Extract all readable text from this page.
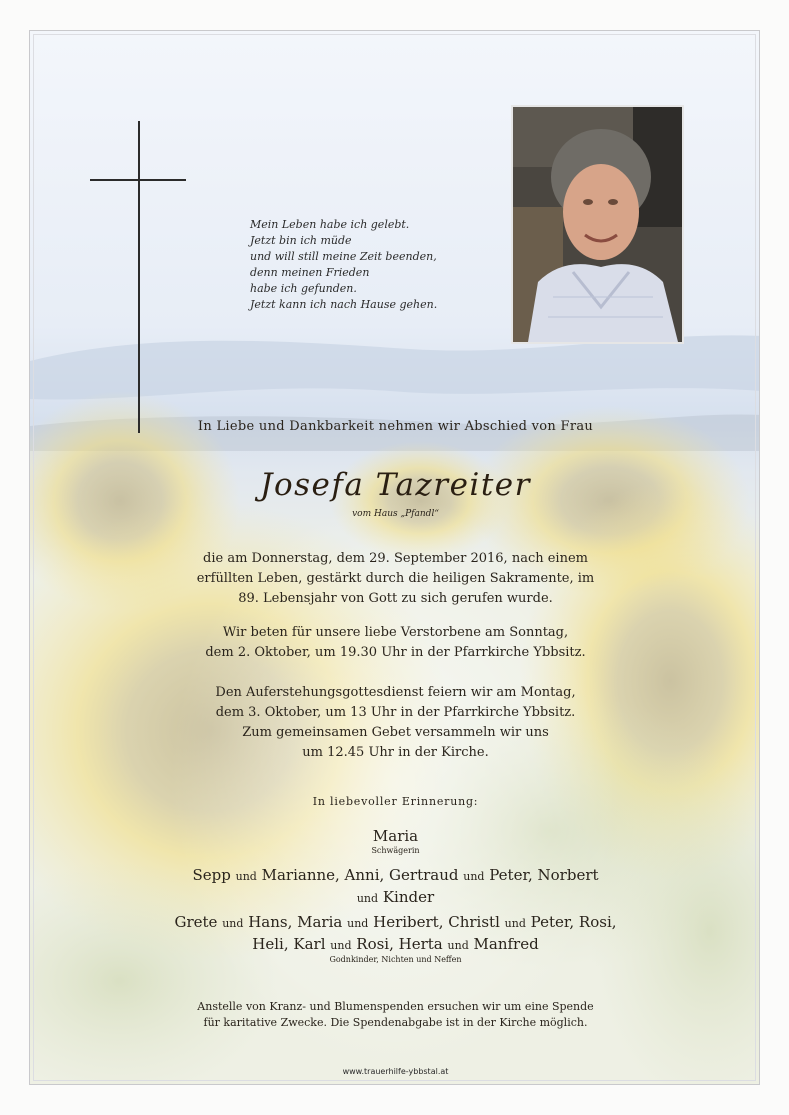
Mein Leben habe ich gelebt.
Jetzt bin ich müde
und will still meine Zeit beenden,
denn meinen Frieden
habe ich gefunden.
Jetzt kann ich nach Hause gehen.

In Liebe und Dankbarkeit nehmen wir Abschied von Frau

Josefa Tazreiter

vom Haus „Pfandl“

die am Donnerstag, dem 29. September 2016, nach einem
erfüllten Leben, gestärkt durch die heiligen Sakramente, im
89. Lebensjahr von Gott zu sich gerufen wurde.
Wir beten für unsere liebe Verstorbene am Sonntag,
dem 2. Oktober, um 19.30 Uhr in der Pfarrkirche Ybbsitz.
Den Auferstehungsgottesdienst feiern wir am Montag,
dem 3. Oktober, um 13 Uhr in der Pfarrkirche Ybbsitz.
Zum gemeinsamen Gebet versammeln wir uns
um 12.45 Uhr in der Kirche.

In liebevoller Erinnerung:

Maria
Schwägerin
Sepp und Marianne, Anni, Gertraud und Peter, Norbert
und Kinder
Grete und Hans, Maria und Heribert, Christl und Peter, Rosi,
Heli, Karl und Rosi, Herta und Manfred
Godnkinder, Nichten und Neffen
Anstelle von Kranz- und Blumenspenden ersuchen wir um eine Spende
für karitative Zwecke. Die Spendenabgabe ist in der Kirche möglich.

www.trauerhilfe-ybbstal.at
